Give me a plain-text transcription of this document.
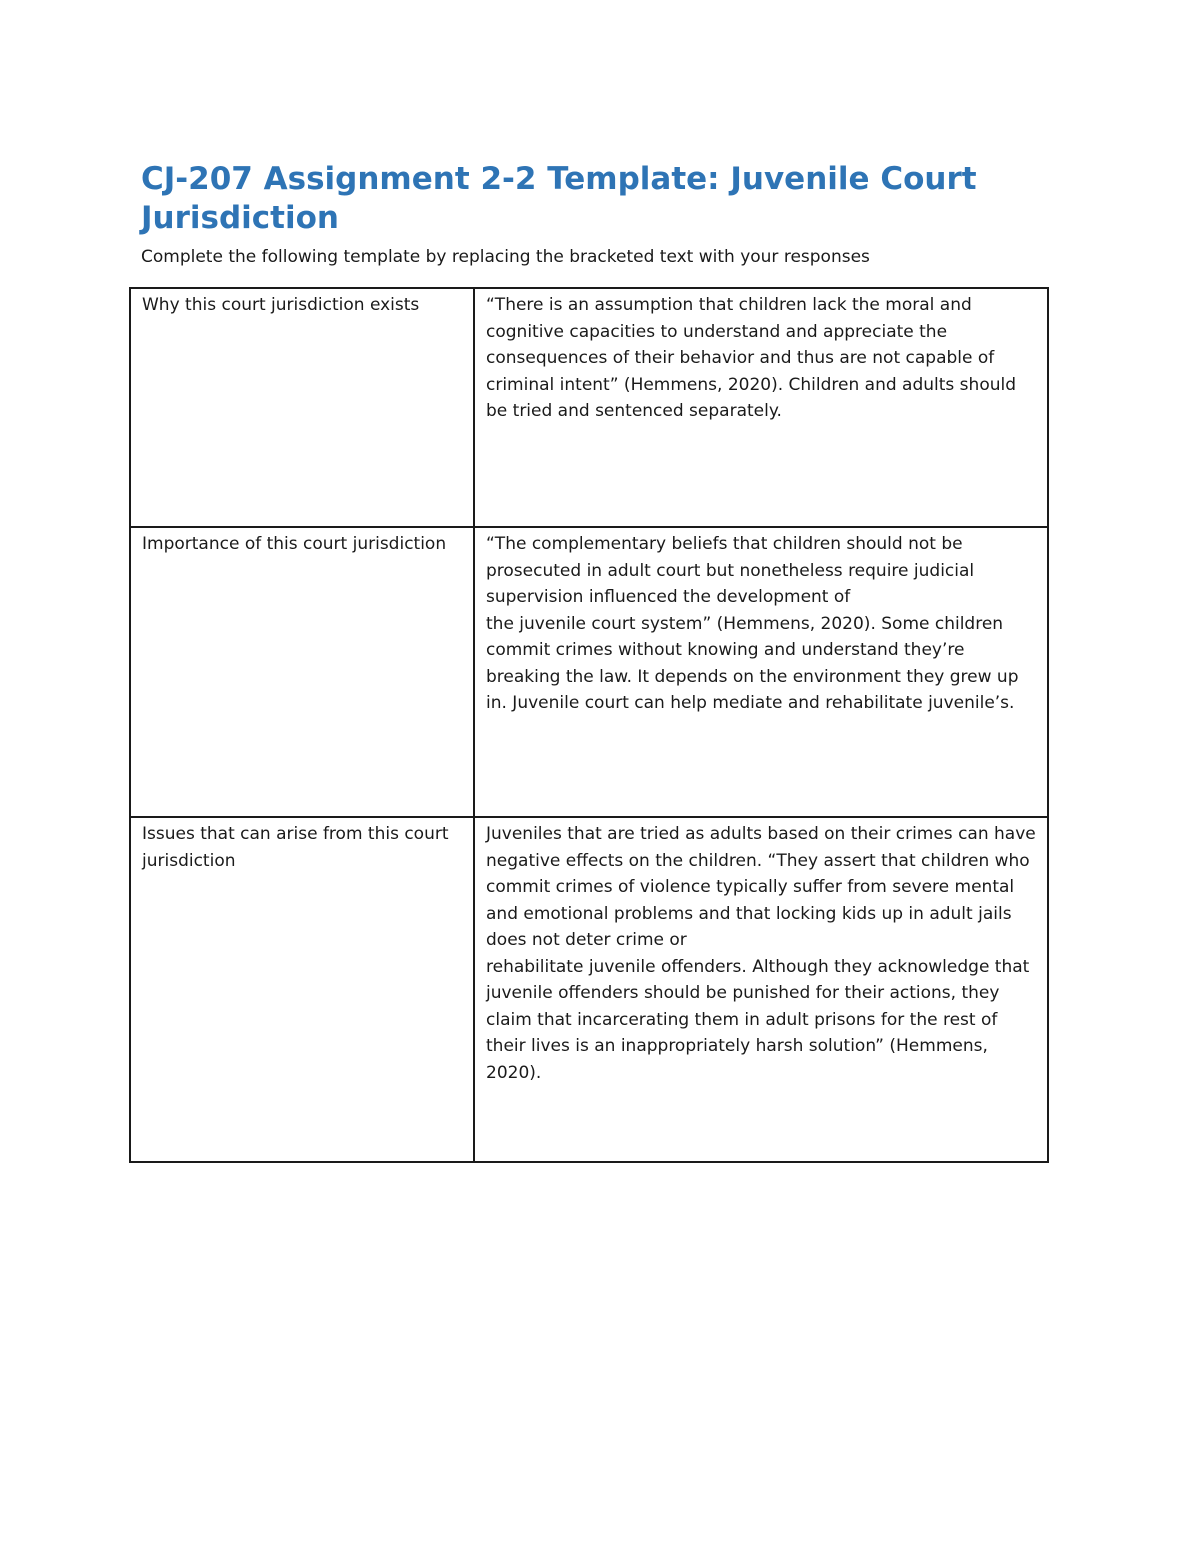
CJ-207 Assignment 2-2 Template: Juvenile Court Jurisdiction

Complete the following template by replacing the bracketed text with your responses

Why this court jurisdiction exists	“There is an assumption that children lack the moral and cognitive capacities to understand and appreciate the consequences of their behavior and thus are not capable of criminal intent” (Hemmens, 2020). Children and adults should be tried and sentenced separately.

Importance of this court jurisdiction	“The complementary beliefs that children should not be prosecuted in adult court but nonetheless require judicial supervision influenced the development of
the juvenile court system” (Hemmens, 2020). Some children commit crimes without knowing and understand they’re breaking the law. It depends on the environment they grew up in. Juvenile court can help mediate and rehabilitate juvenile’s.

Issues that can arise from this court jurisdiction	Juveniles that are tried as adults based on their crimes can have negative effects on the children. “They assert that children who commit crimes of violence typically suffer from severe mental and emotional problems and that locking kids up in adult jails does not deter crime or
rehabilitate juvenile offenders. Although they acknowledge that juvenile offenders should be punished for their actions, they claim that incarcerating them in adult prisons for the rest of their lives is an inappropriately harsh solution” (Hemmens, 2020).
